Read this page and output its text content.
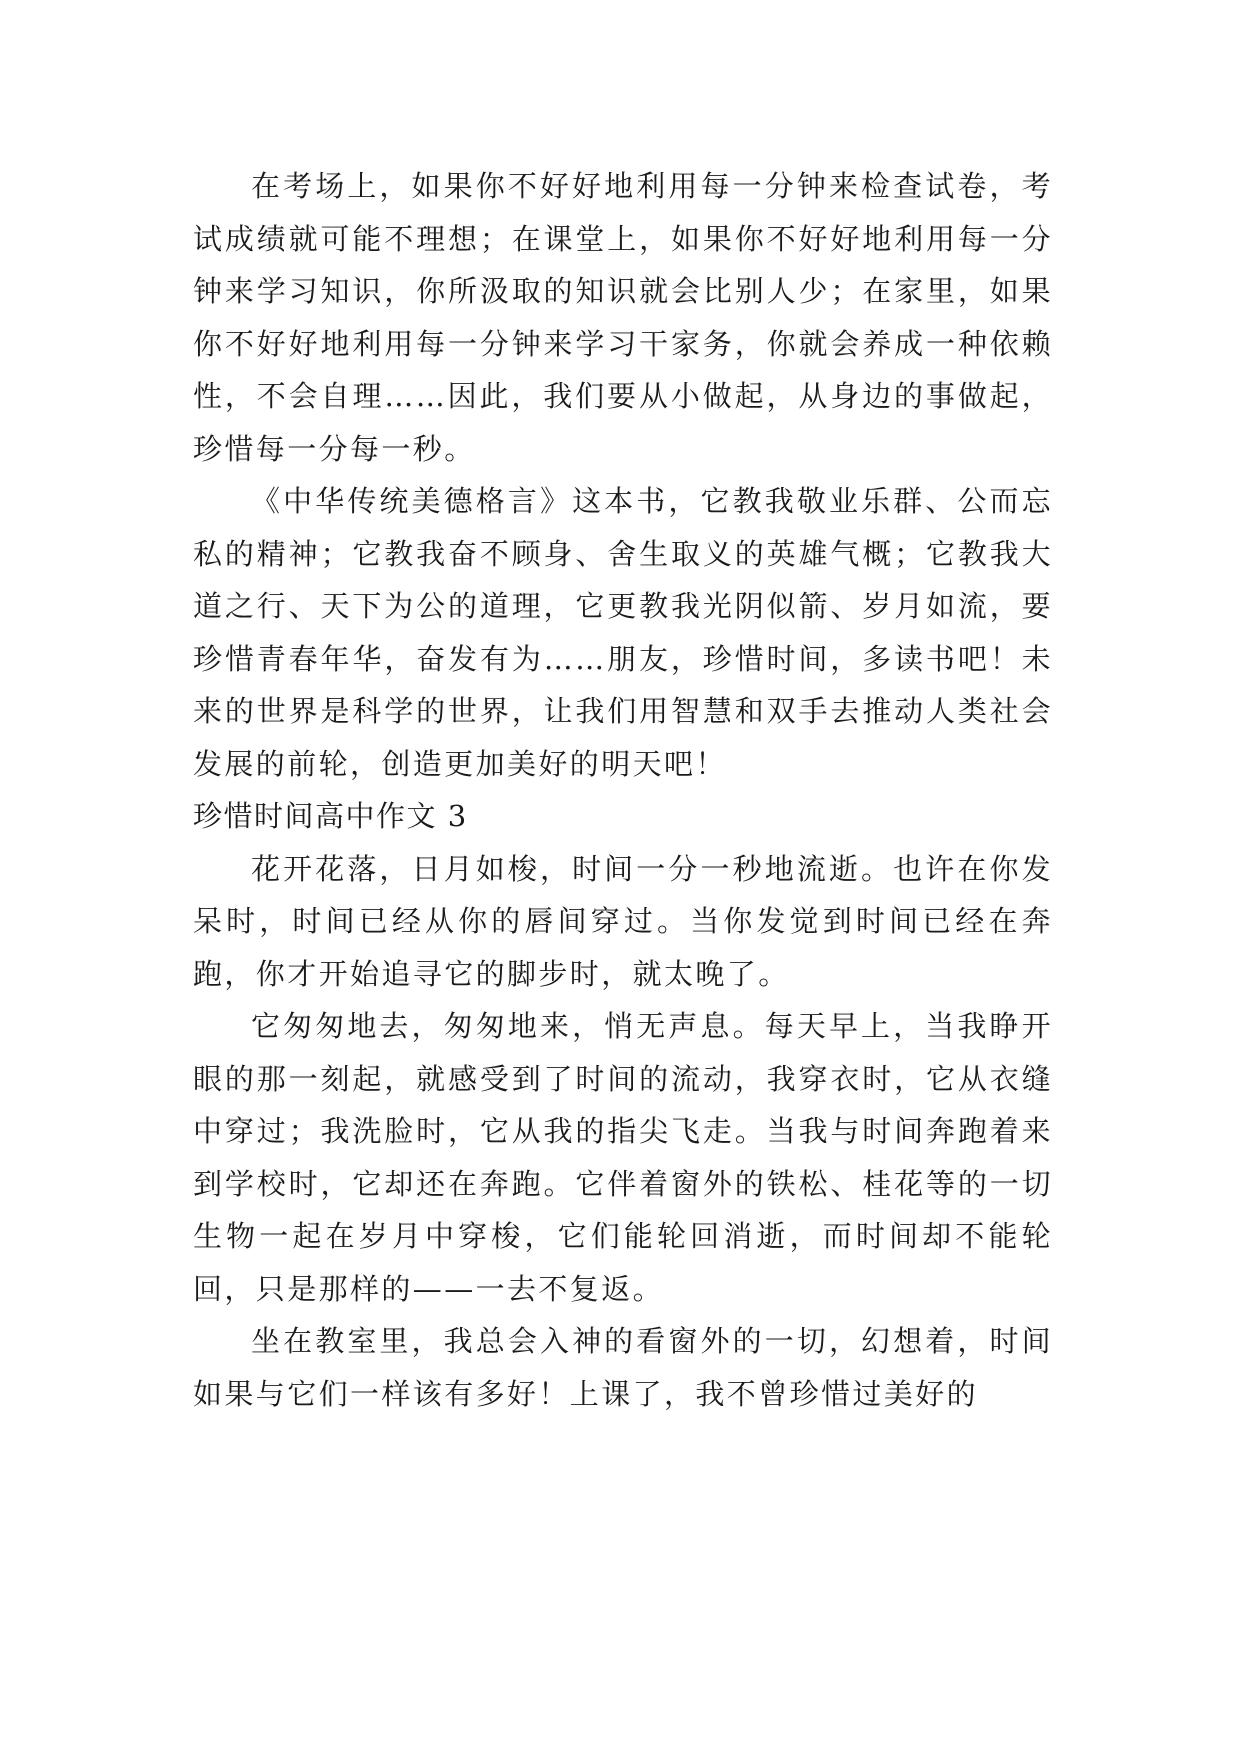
在考场上，如果你不好好地利用每一分钟来检查试卷，考试成绩就可能不理想；在课堂上，如果你不好好地利用每一分钟来学习知识，你所汲取的知识就会比别人少；在家里，如果你不好好地利用每一分钟来学习干家务，你就会养成一种依赖性，不会自理……因此，我们要从小做起，从身边的事做起，珍惜每一分每一秒。

《中华传统美德格言》这本书，它教我敬业乐群、公而忘私的精神；它教我奋不顾身、舍生取义的英雄气概；它教我大道之行、天下为公的道理，它更教我光阴似箭、岁月如流，要珍惜青春年华，奋发有为……朋友，珍惜时间，多读书吧！未来的世界是科学的世界，让我们用智慧和双手去推动人类社会发展的前轮，创造更加美好的明天吧！

珍惜时间高中作文 3

花开花落，日月如梭，时间一分一秒地流逝。也许在你发呆时，时间已经从你的唇间穿过。当你发觉到时间已经在奔跑，你才开始追寻它的脚步时，就太晚了。

它匆匆地去，匆匆地来，悄无声息。每天早上，当我睁开眼的那一刻起，就感受到了时间的流动，我穿衣时，它从衣缝中穿过；我洗脸时，它从我的指尖飞走。当我与时间奔跑着来到学校时，它却还在奔跑。它伴着窗外的铁松、桂花等的一切生物一起在岁月中穿梭，它们能轮回消逝，而时间却不能轮回，只是那样的——一去不复返。

坐在教室里，我总会入神的看窗外的一切，幻想着，时间如果与它们一样该有多好！上课了，我不曾珍惜过美好的
